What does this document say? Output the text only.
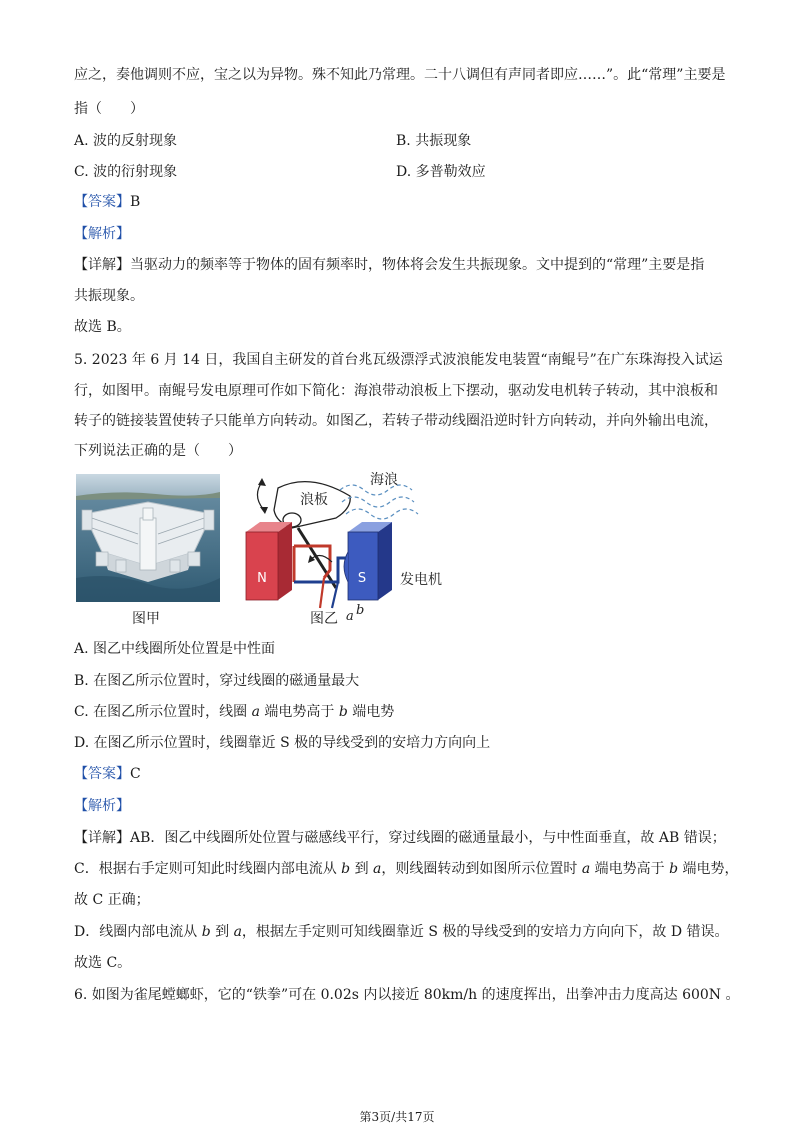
应之，奏他调则不应，宝之以为异物。殊不知此乃常理。二十八调但有声同者即应……”。此“常理”主要是
指（　　）
A. 波的反射现象	B. 共振现象
C. 波的衍射现象	D. 多普勒效应
【答案】B
【解析】
【详解】当驱动力的频率等于物体的固有频率时，物体将会发生共振现象。文中提到的“常理”主要是指
共振现象。
故选 B。
5. 2023 年 6 月 14 日，我国自主研发的首台兆瓦级漂浮式波浪能发电装置“南鲲号”在广东珠海投入试运
行，如图甲。南鲲号发电原理可作如下简化：海浪带动浪板上下摆动，驱动发电机转子转动，其中浪板和
转子的链接装置使转子只能单方向转动。如图乙，若转子带动线圈沿逆时针方向转动，并向外输出电流，
下列说法正确的是（　　）
图甲
N	S
浪板
海浪
发电机
a b
图乙
A. 图乙中线圈所处位置是中性面
B. 在图乙所示位置时，穿过线圈的磁通量最大
C. 在图乙所示位置时，线圈 a 端电势高于 b 端电势
D. 在图乙所示位置时，线圈靠近 S 极的导线受到的安培力方向向上
【答案】C
【解析】
【详解】AB．图乙中线圈所处位置与磁感线平行，穿过线圈的磁通量最小，与中性面垂直，故 AB 错误；
C．根据右手定则可知此时线圈内部电流从 b 到 a，则线圈转动到如图所示位置时 a 端电势高于 b 端电势，
故 C 正确；
D．线圈内部电流从 b 到 a，根据左手定则可知线圈靠近 S 极的导线受到的安培力方向向下，故 D 错误。
故选 C。
6. 如图为雀尾螳螂虾，它的“铁拳”可在 0.02s 内以接近 80km/h 的速度挥出，出拳冲击力度高达 600N 。
第3页/共17页
